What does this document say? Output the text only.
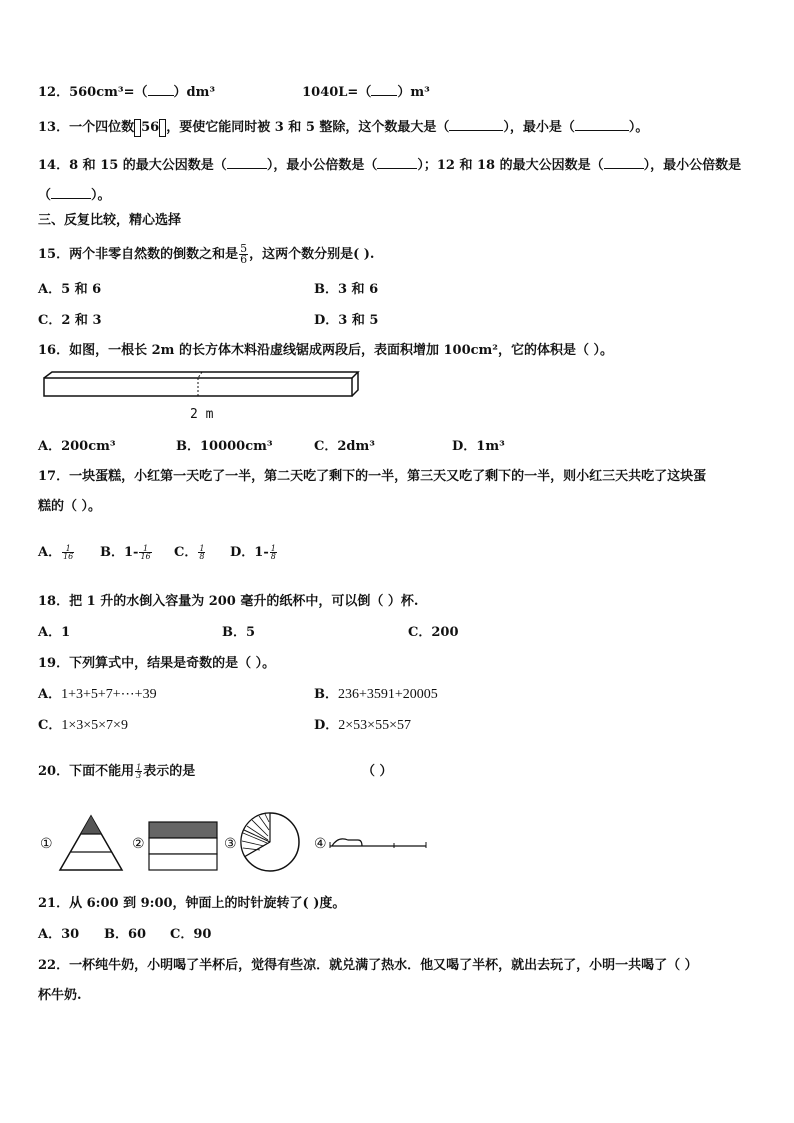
12．560cm³=（ ）dm³	1040L=（ ）m³
13．一个四位数 56 ，要使它能同时被 3 和 5 整除，这个数最大是（	），最小是（	）。
14．8 和 15 的最大公因数是（	），最小公倍数是（	）；12 和 18 的最大公因数是（	），最小公倍数是
（	）。
三、反复比较，精心选择
15．两个非零自然数的倒数之和是 $\frac{5}{6}$ ，这两个数分别是( ).
A．5 和 6	B．3 和 6
C．2 和 3	D．3 和 5
16．如图，一根长 2m 的长方体木料沿虚线锯成两段后，表面积增加 100cm²，它的体积是（ ）。
2 m
A．200cm³	B．10000cm³	C．2dm³	D．1m³
17．一块蛋糕，小红第一天吃了一半，第二天吃了剩下的一半，第三天又吃了剩下的一半，则小红三天共吃了这块蛋
糕的（ ）。
A． $\frac{1}{16}$ B．$1- \frac{1}{16}$ C． $\frac{1}{8}$ D．$1- \frac{1}{8}$
18．把 1 升的水倒入容量为 200 毫升的纸杯中，可以倒（ ）杯.
A．1	B．5	C．200
19．下列算式中，结果是奇数的是（ ）。
A．1+3+5+7+⋯+39	B．236+3591+20005
C．1×3×5×7×9	D．2×53×55×57
20．下面不能用 $\frac{1}{3}$ 表示的是	（ ）
①	②	③	④
21．从 6:00 到 9:00，钟面上的时针旋转了( )度。
A．30 B．60 C．90
22．一杯纯牛奶，小明喝了半杯后，觉得有些凉．就兑满了热水．他又喝了半杯，就出去玩了，小明一共喝了（ ）
杯牛奶.
